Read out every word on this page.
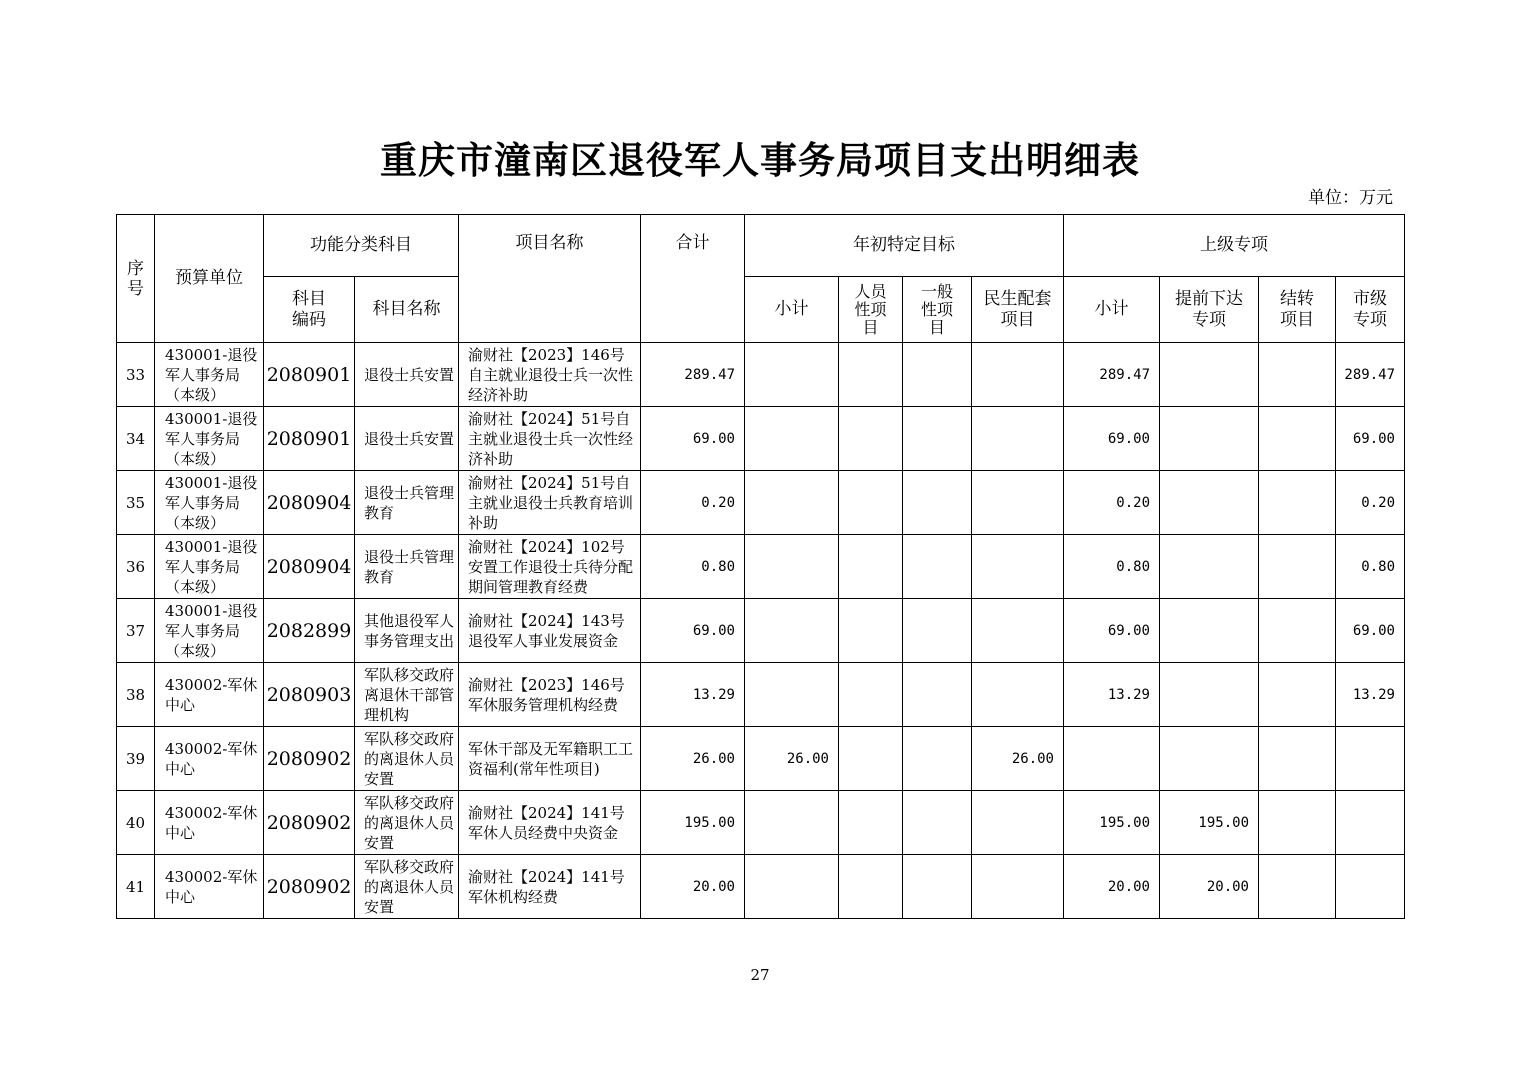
重庆市潼南区退役军人事务局项目支出明细表
单位：万元
序号	预算单位	功能分类科目		项目名称	合计	年初特定目标				上级专项			
		科目编码	科目名称			小计	人员性项目	一般性项目	民生配套项目	小计	提前下达专项	结转项目	市级专项
33	430001-退役军人事务局（本级）	2080901	退役士兵安置	渝财社【2023】146号自主就业退役士兵一次性经济补助	289.47					289.47			289.47
34	430001-退役军人事务局（本级）	2080901	退役士兵安置	渝财社【2024】51号自主就业退役士兵一次性经济补助	69.00					69.00			69.00
35	430001-退役军人事务局（本级）	2080904	退役士兵管理教育	渝财社【2024】51号自主就业退役士兵教育培训补助	0.20					0.20			0.20
36	430001-退役军人事务局（本级）	2080904	退役士兵管理教育	渝财社【2024】102号安置工作退役士兵待分配期间管理教育经费	0.80					0.80			0.80
37	430001-退役军人事务局（本级）	2082899	其他退役军人事务管理支出	渝财社【2024】143号退役军人事业发展资金	69.00					69.00			69.00
38	430002-军休中心	2080903	军队移交政府离退休干部管理机构	渝财社【2023】146号军休服务管理机构经费	13.29					13.29			13.29
39	430002-军休中心	2080902	军队移交政府的离退休人员安置	军休干部及无军籍职工工资福利(常年性项目)	26.00	26.00			26.00				
40	430002-军休中心	2080902	军队移交政府的离退休人员安置	渝财社【2024】141号军休人员经费中央资金	195.00					195.00	195.00		
41	430002-军休中心	2080902	军队移交政府的离退休人员安置	渝财社【2024】141号军休机构经费	20.00					20.00	20.00		
27
